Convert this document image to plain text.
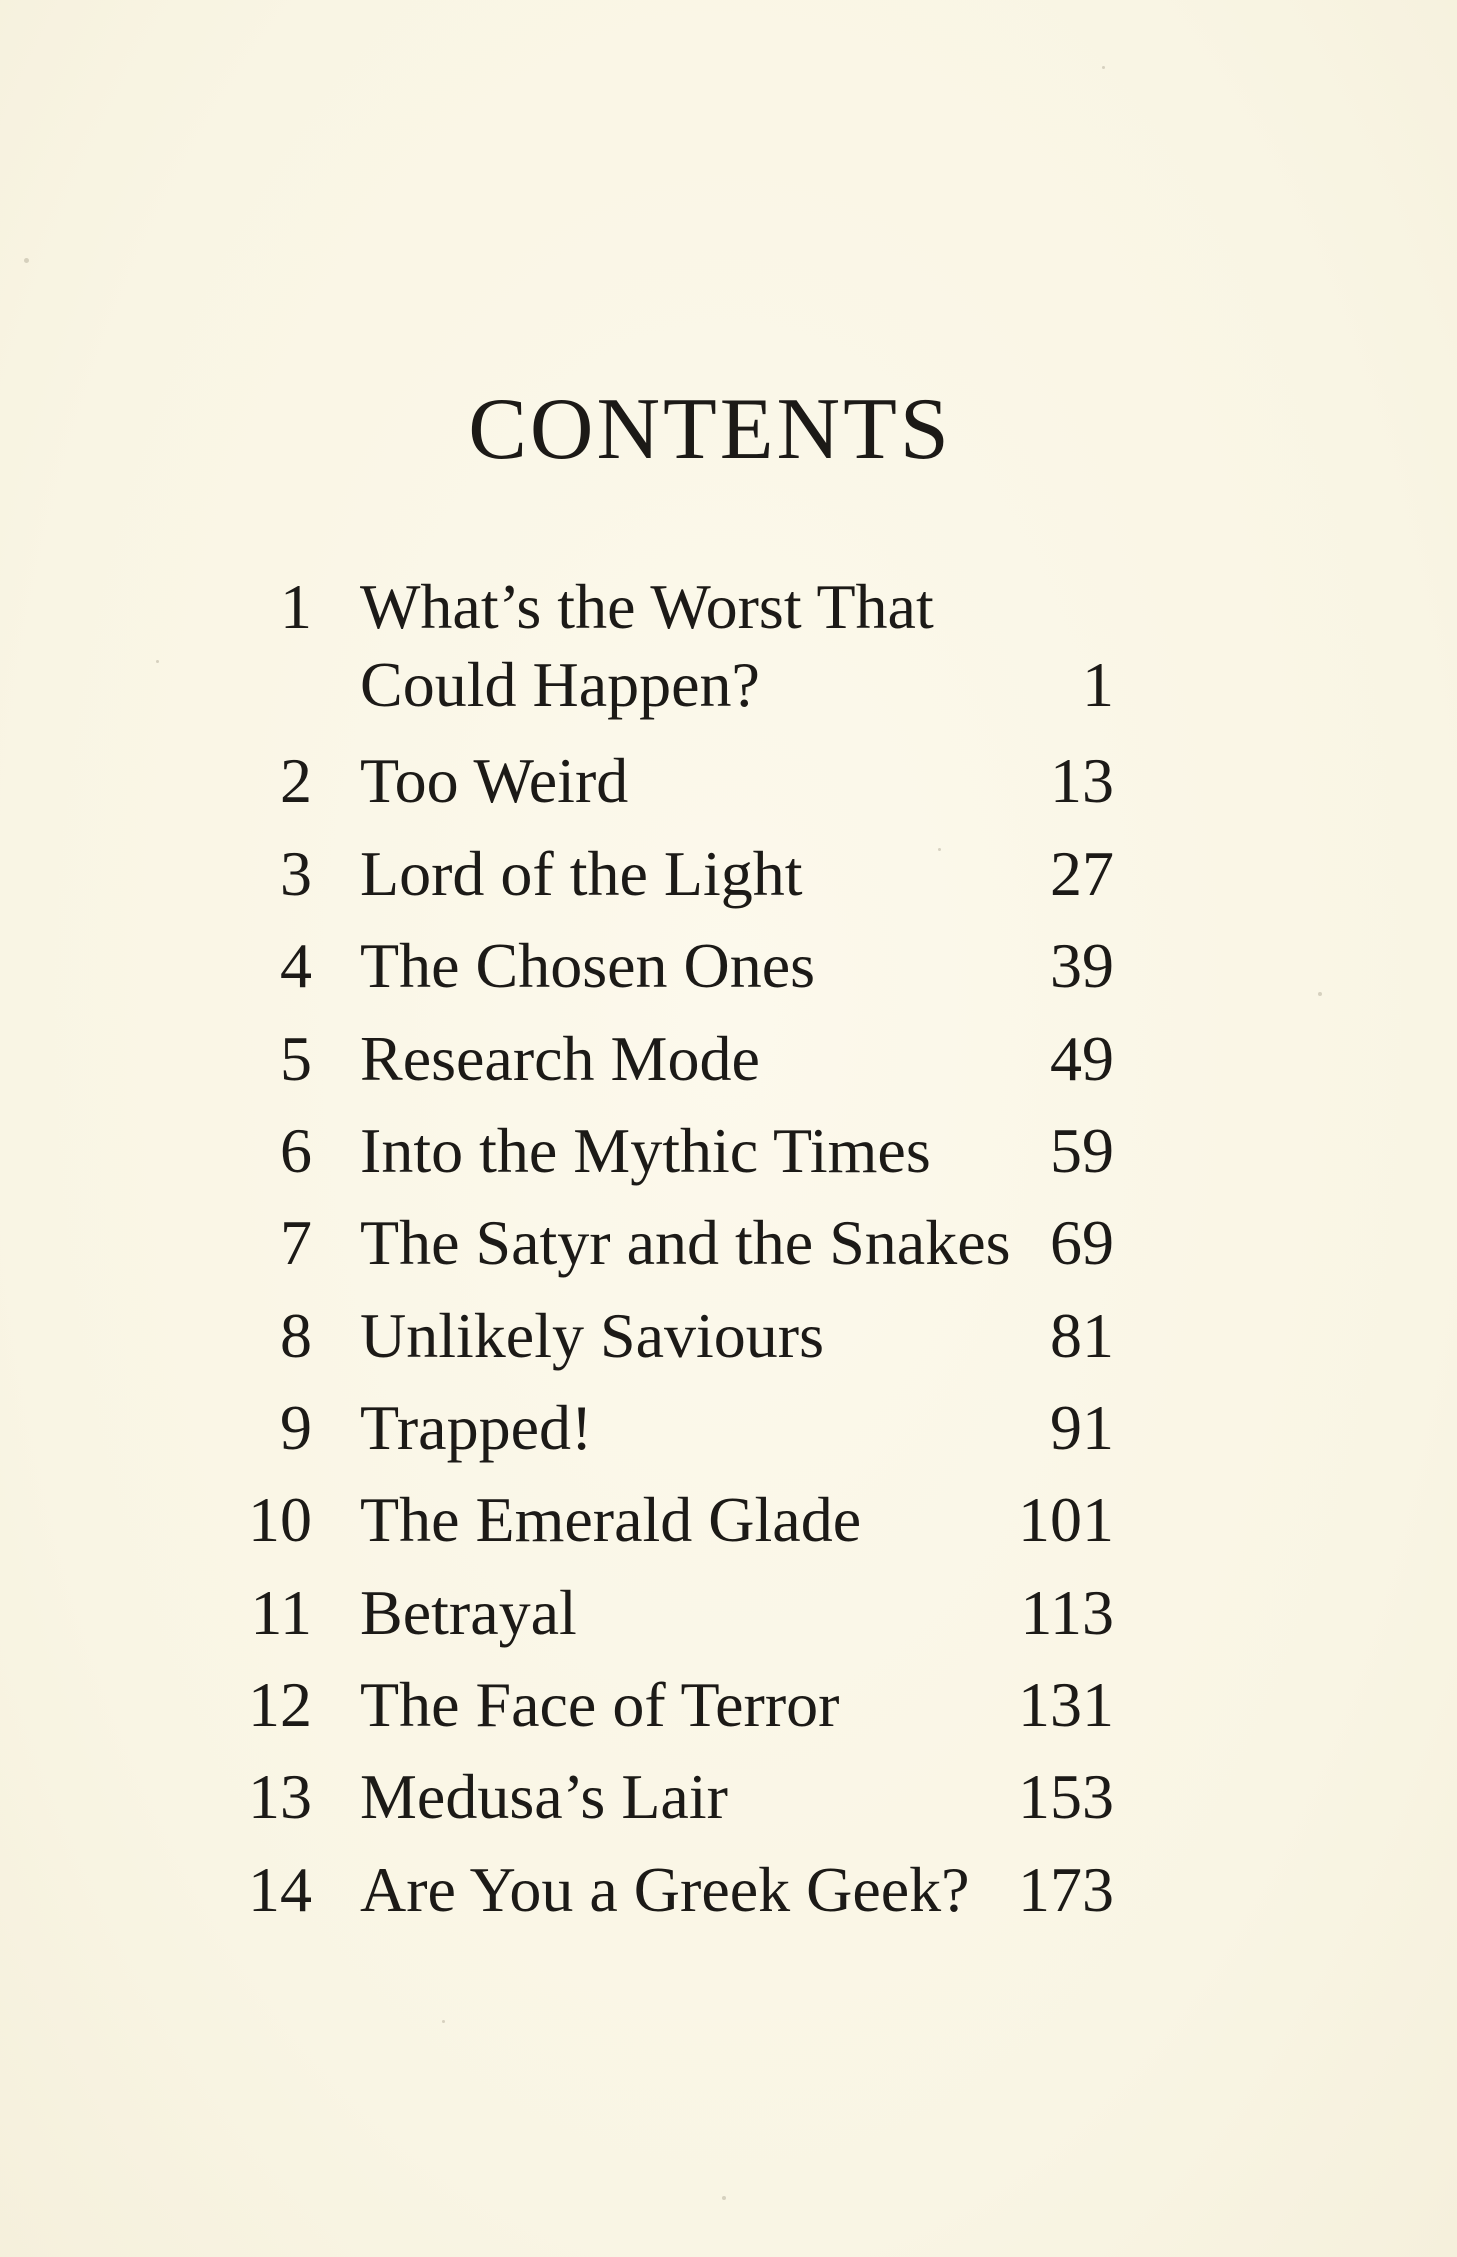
CONTENTS
1 What’s the Worst That
Could Happen?	1
2 Too Weird	13
3 Lord of the Light	27
4 The Chosen Ones	39
5 Research Mode	49
6 Into the Mythic Times	59
7 The Satyr and the Snakes 69
8 Unlikely Saviours	81
9 Trapped!	91
10 The Emerald Glade	101
11 Betrayal	113
12 The Face of Terror	131
13 Medusa’s Lair	153
14 Are You a Greek Geek? 173
